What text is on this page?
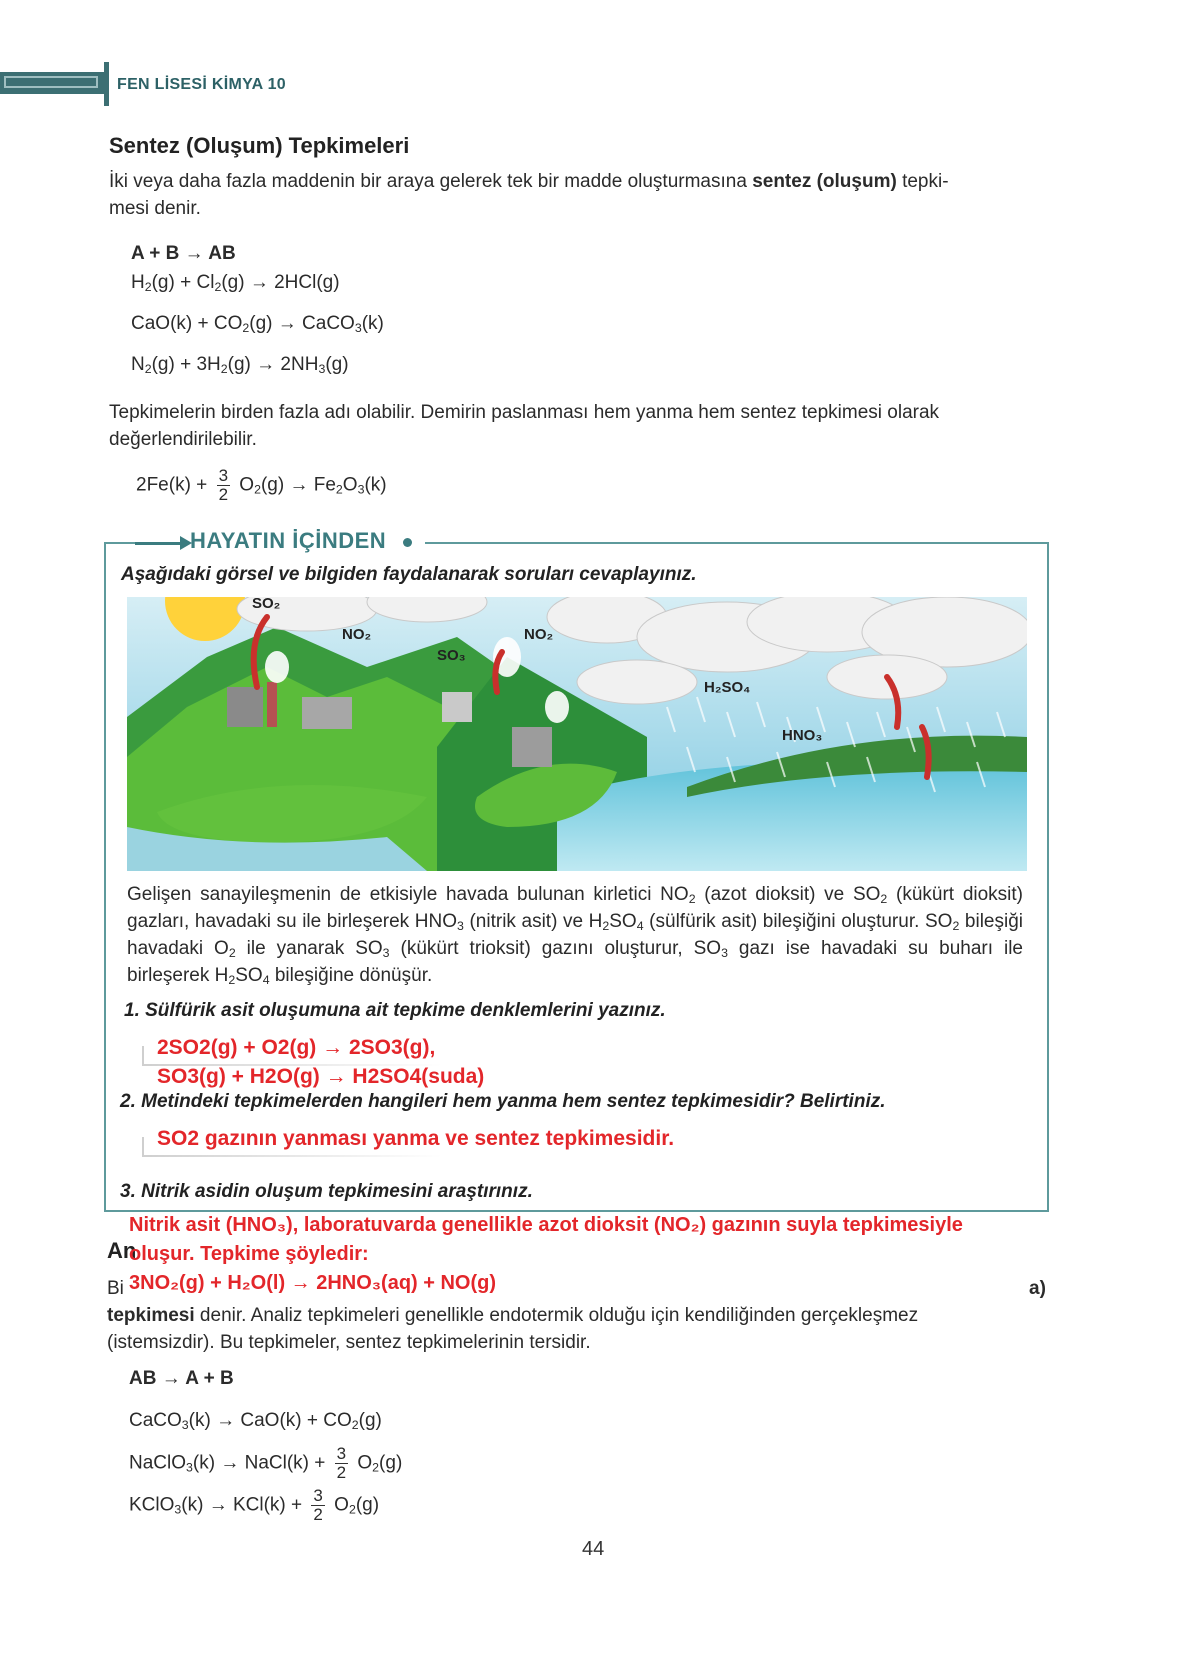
FEN LİSESİ KİMYA 10
Sentez (Oluşum) Tepkimeleri
İki veya daha fazla maddenin bir araya gelerek tek bir madde oluşturmasına sentez (oluşum) tepki-
mesi denir.
A + B → AB
$H_2(g) + Cl_2(g) \to 2HCl(g)$
$CaO(k) + CO_2(g)$ → CaCO$_3$(k)
$N_2(g) + 3H_2(g) \to 2NH_3(g)$
Tepkimelerin birden fazla adı olabilir. Demirin paslanması hem yanma hem sentez tepkimesi olarak
değerlendirilebilir.
$2Fe(k) + \frac{3}{2} O_2(g) \to Fe_2O_3(k)$
HAYATIN İÇİNDEN
Aşağıdaki görsel ve bilgiden faydalanarak soruları cevaplayınız.
SO₂
NO₂
SO₃
NO₂
H₂SO₄
HNO₃
Gelişen sanayileşmenin de etkisiyle havada bulunan kirletici $NO_2$ (azot dioksit) ve $SO_2$ (kükürt dioksit) gazları, havadaki su ile birleşerek $HNO_3$ (nitrik asit) ve $H_2SO_4$ (sülfürik asit) bileşiğini oluşturur. $SO_2$ bileşiği havadaki $O_2$ ile yanarak $SO_3$ (kükürt trioksit) gazını oluşturur, $SO_3$ gazı ise havadaki su buharı ile birleşerek $H_2SO_4$ bileşiğine dönüşür.
1. Sülfürik asit oluşumuna ait tepkime denklemlerini yazınız.
2SO2(g) + O2(g) → 2SO3(g),
SO3(g) + H2O(g) → H2SO4(suda)
2. Metindeki tepkimelerden hangileri hem yanma hem sentez tepkimesidir? Belirtiniz.
SO2 gazının yanması yanma ve sentez tepkimesidir.
3. Nitrik asidin oluşum tepkimesini araştırınız.
An
Bi	a)
Nitrik asit (HNO₃), laboratuvarda genellikle azot dioksit (NO₂) gazının suyla tepkimesiyle
oluşur. Tepkime şöyledir:
3NO₂(g) + H₂O(l) → 2HNO₃(aq) + NO(g)
tepkimesi denir. Analiz tepkimeleri genellikle endotermik olduğu için kendiliğinden gerçekleşmez
(istemsizdir). Bu tepkimeler, sentez tepkimelerinin tersidir.
AB → A + B
CaCO$_3$(k) → $CaO(k) + CO_2(g)$
NaClO$_3$(k) → NaCl(k) + $\frac{3}{2} O_2(g)$
KClO$_3$(k) → $KCl(k) + \frac{3}{2} O_2(g)$
44
